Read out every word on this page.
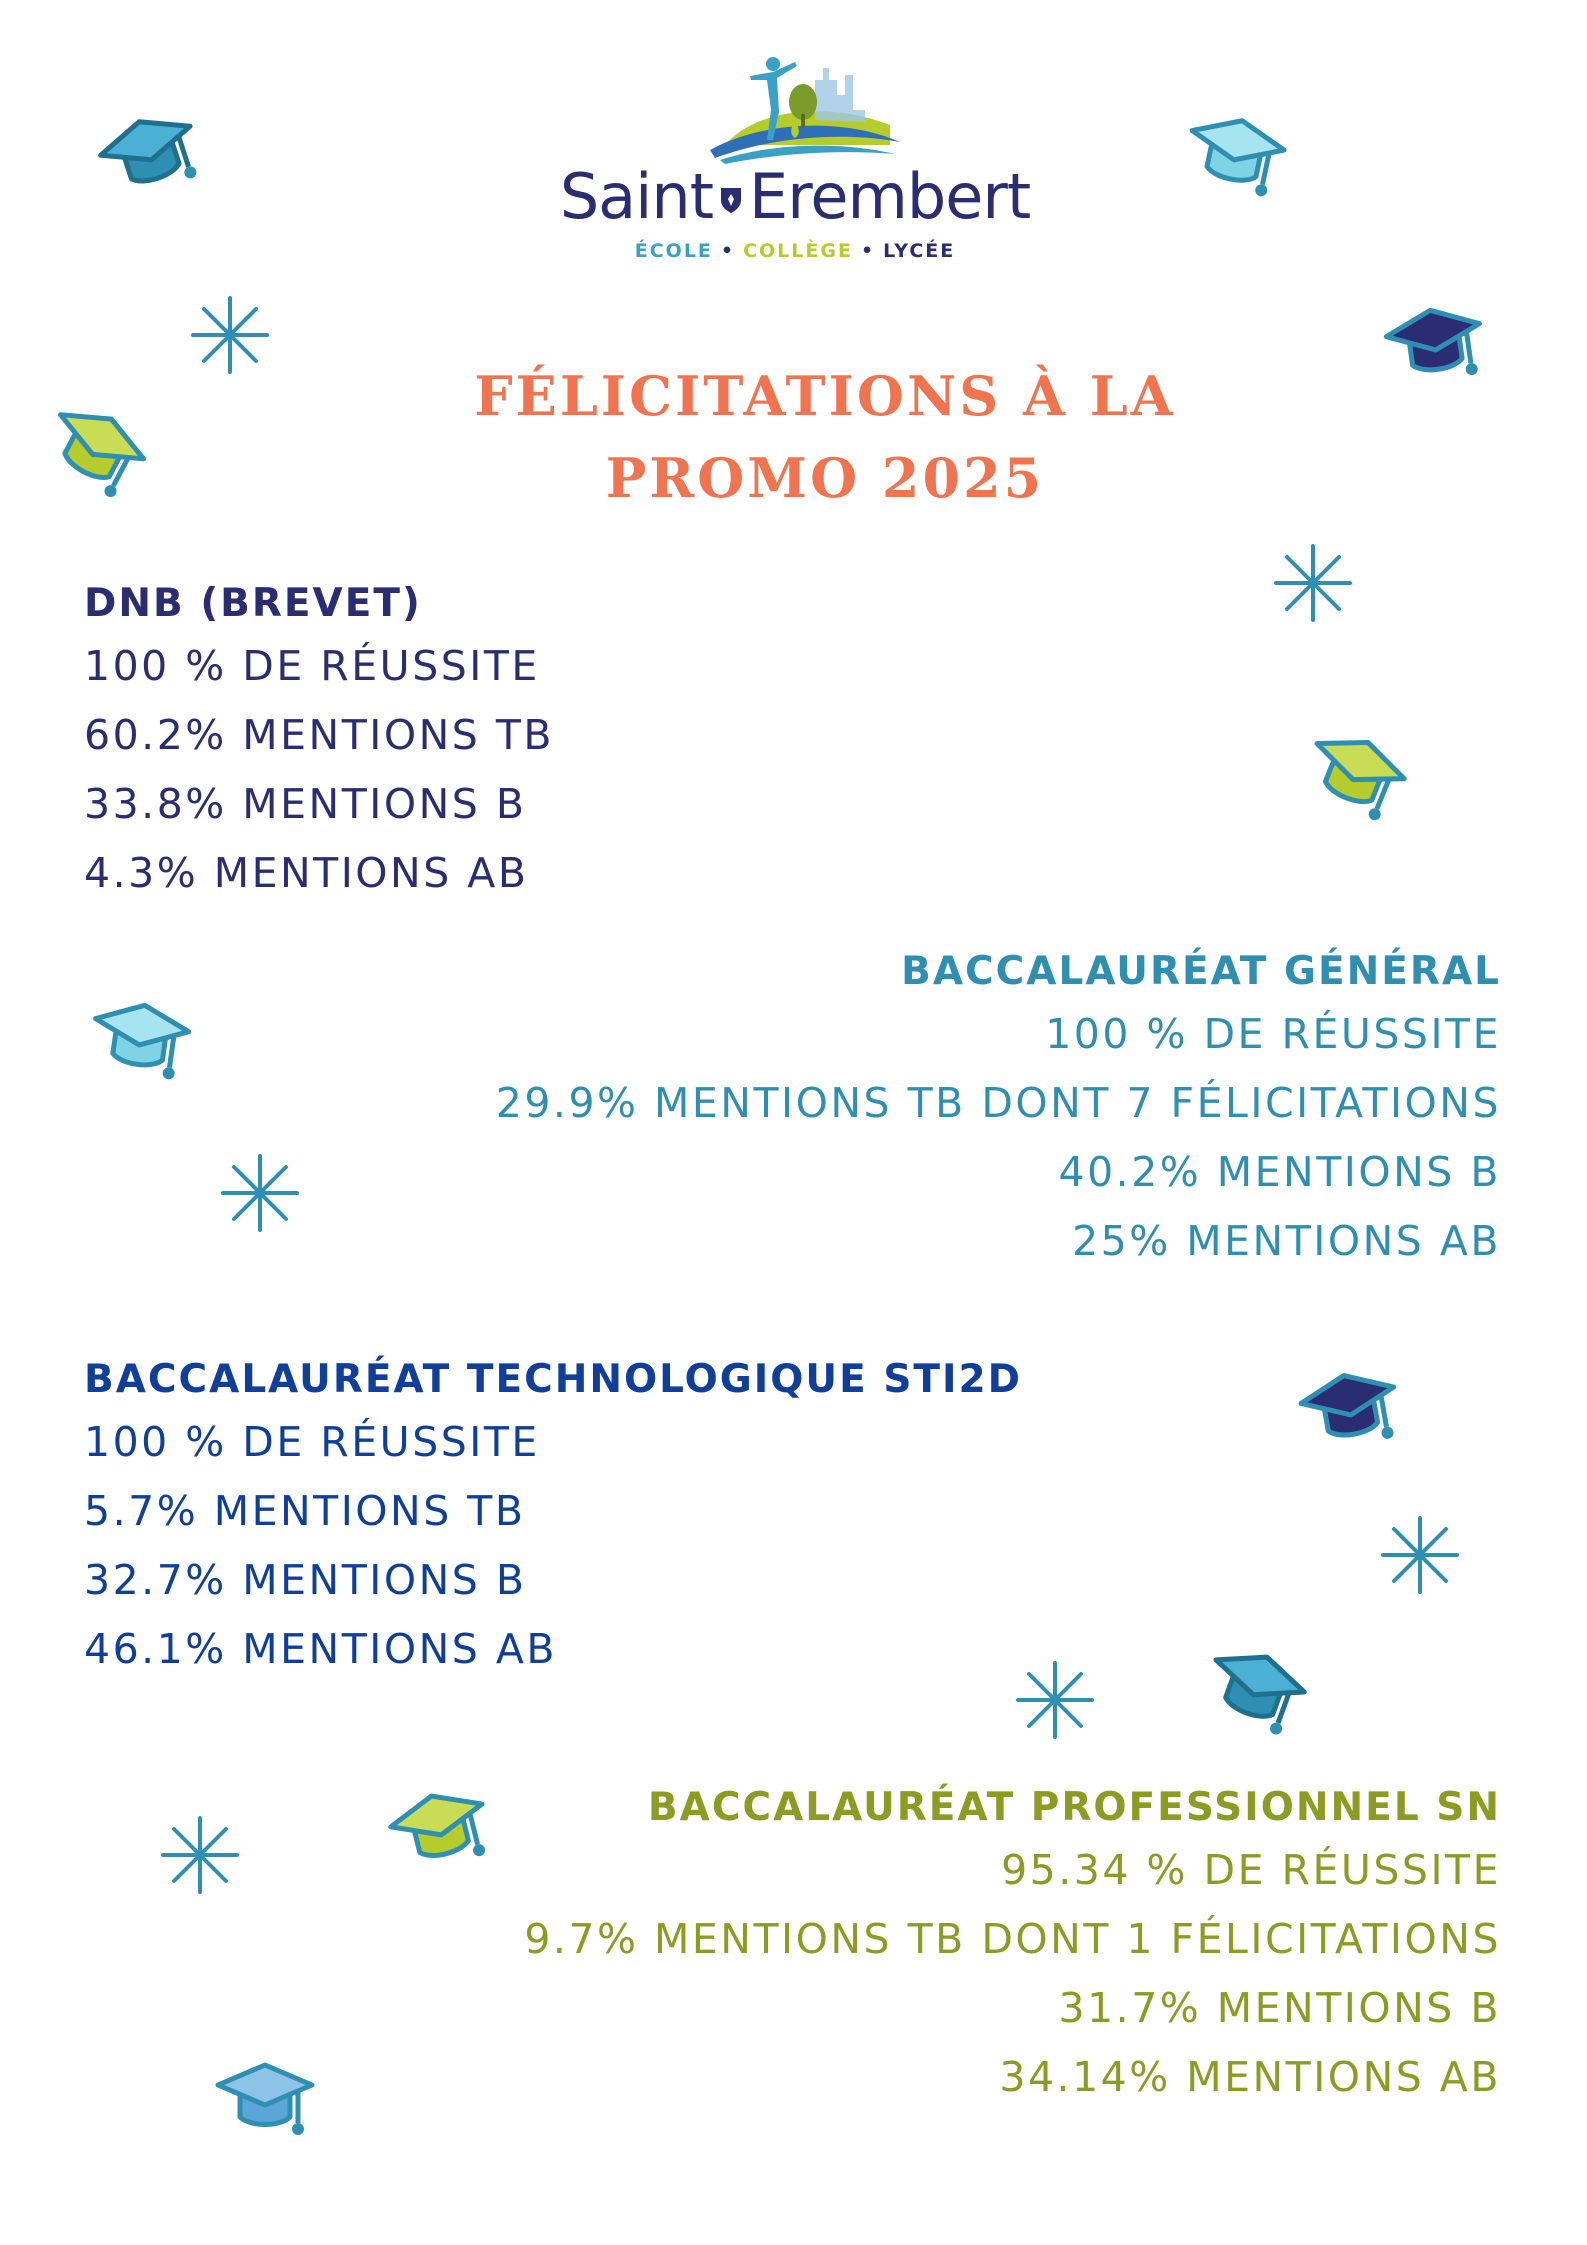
Saint Erembert
ÉCOLE • COLLÈGE • LYCÉE
FÉLICITATIONS À LA
PROMO 2025
DNB (BREVET)
100 % DE RÉUSSITE
60.2% MENTIONS TB
33.8% MENTIONS B
4.3% MENTIONS AB
BACCALAURÉAT GÉNÉRAL
100 % DE RÉUSSITE
29.9% MENTIONS TB DONT 7 FÉLICITATIONS
40.2% MENTIONS B
25% MENTIONS AB
BACCALAURÉAT TECHNOLOGIQUE STI2D
100 % DE RÉUSSITE
5.7% MENTIONS TB
32.7% MENTIONS B
46.1% MENTIONS AB
BACCALAURÉAT PROFESSIONNEL SN
95.34 % DE RÉUSSITE
9.7% MENTIONS TB DONT 1 FÉLICITATIONS
31.7% MENTIONS B
34.14% MENTIONS AB
